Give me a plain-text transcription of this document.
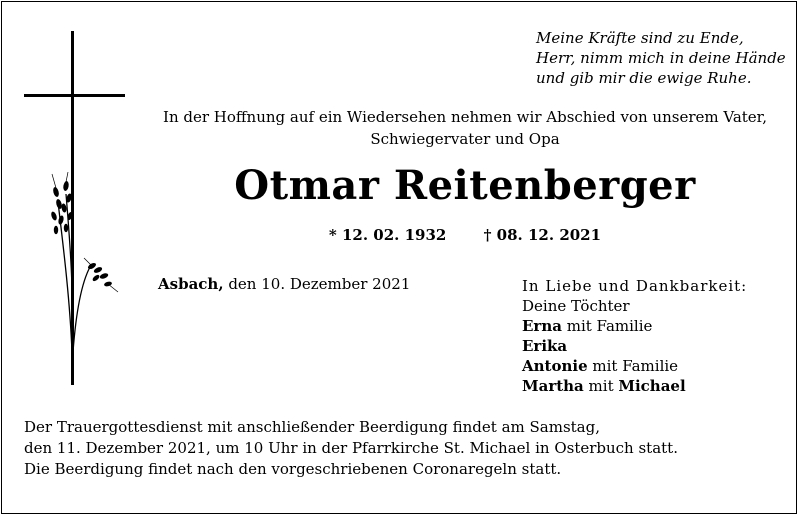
Meine Kräfte sind zu Ende,
Herr, nimm mich in deine Hände
und gib mir die ewige Ruhe.
In der Hoffnung auf ein Wiedersehen nehmen wir Abschied von unserem Vater,
Schwiegervater und Opa
Otmar Reitenberger
* 12. 02. 1932 † 08. 12. 2021
Asbach, den 10. Dezember 2021	In Liebe und Dankbarkeit:
Deine Töchter
Erna mit Familie
Erika
Antonie mit Familie
Martha mit Michael
Der Trauergottesdienst mit anschließender Beerdigung findet am Samstag,
den 11. Dezember 2021, um 10 Uhr in der Pfarrkirche St. Michael in Osterbuch statt.
Die Beerdigung findet nach den vorgeschriebenen Coronaregeln statt.
